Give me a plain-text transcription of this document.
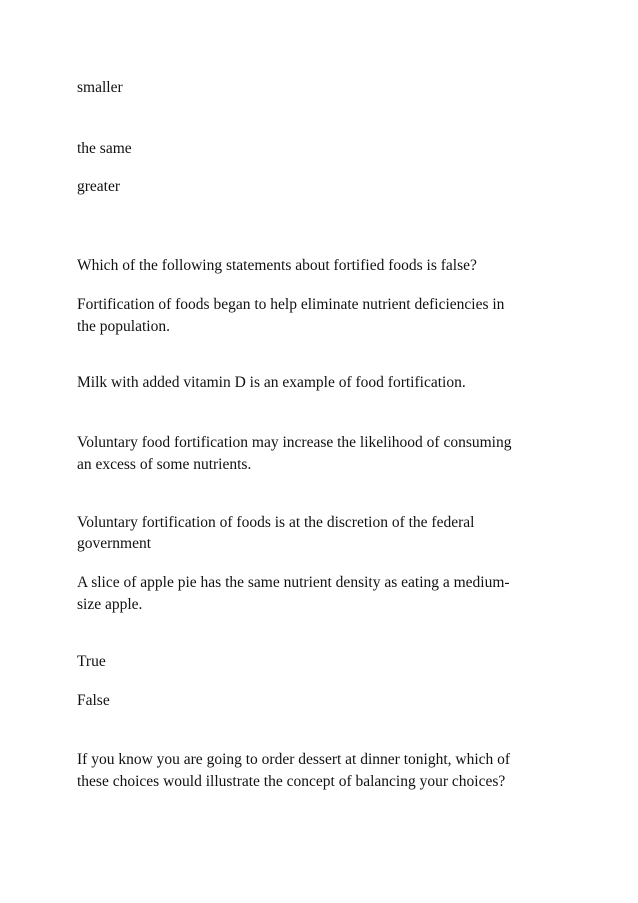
smaller

the same

greater

Which of the following statements about fortified foods is false?

Fortification of foods began to help eliminate nutrient deficiencies in

the population.

Milk with added vitamin D is an example of food fortification.

Voluntary food fortification may increase the likelihood of consuming

an excess of some nutrients.

Voluntary fortification of foods is at the discretion of the federal

government

A slice of apple pie has the same nutrient density as eating a medium-

size apple.

True

False

If you know you are going to order dessert at dinner tonight, which of

these choices would illustrate the concept of balancing your choices?
